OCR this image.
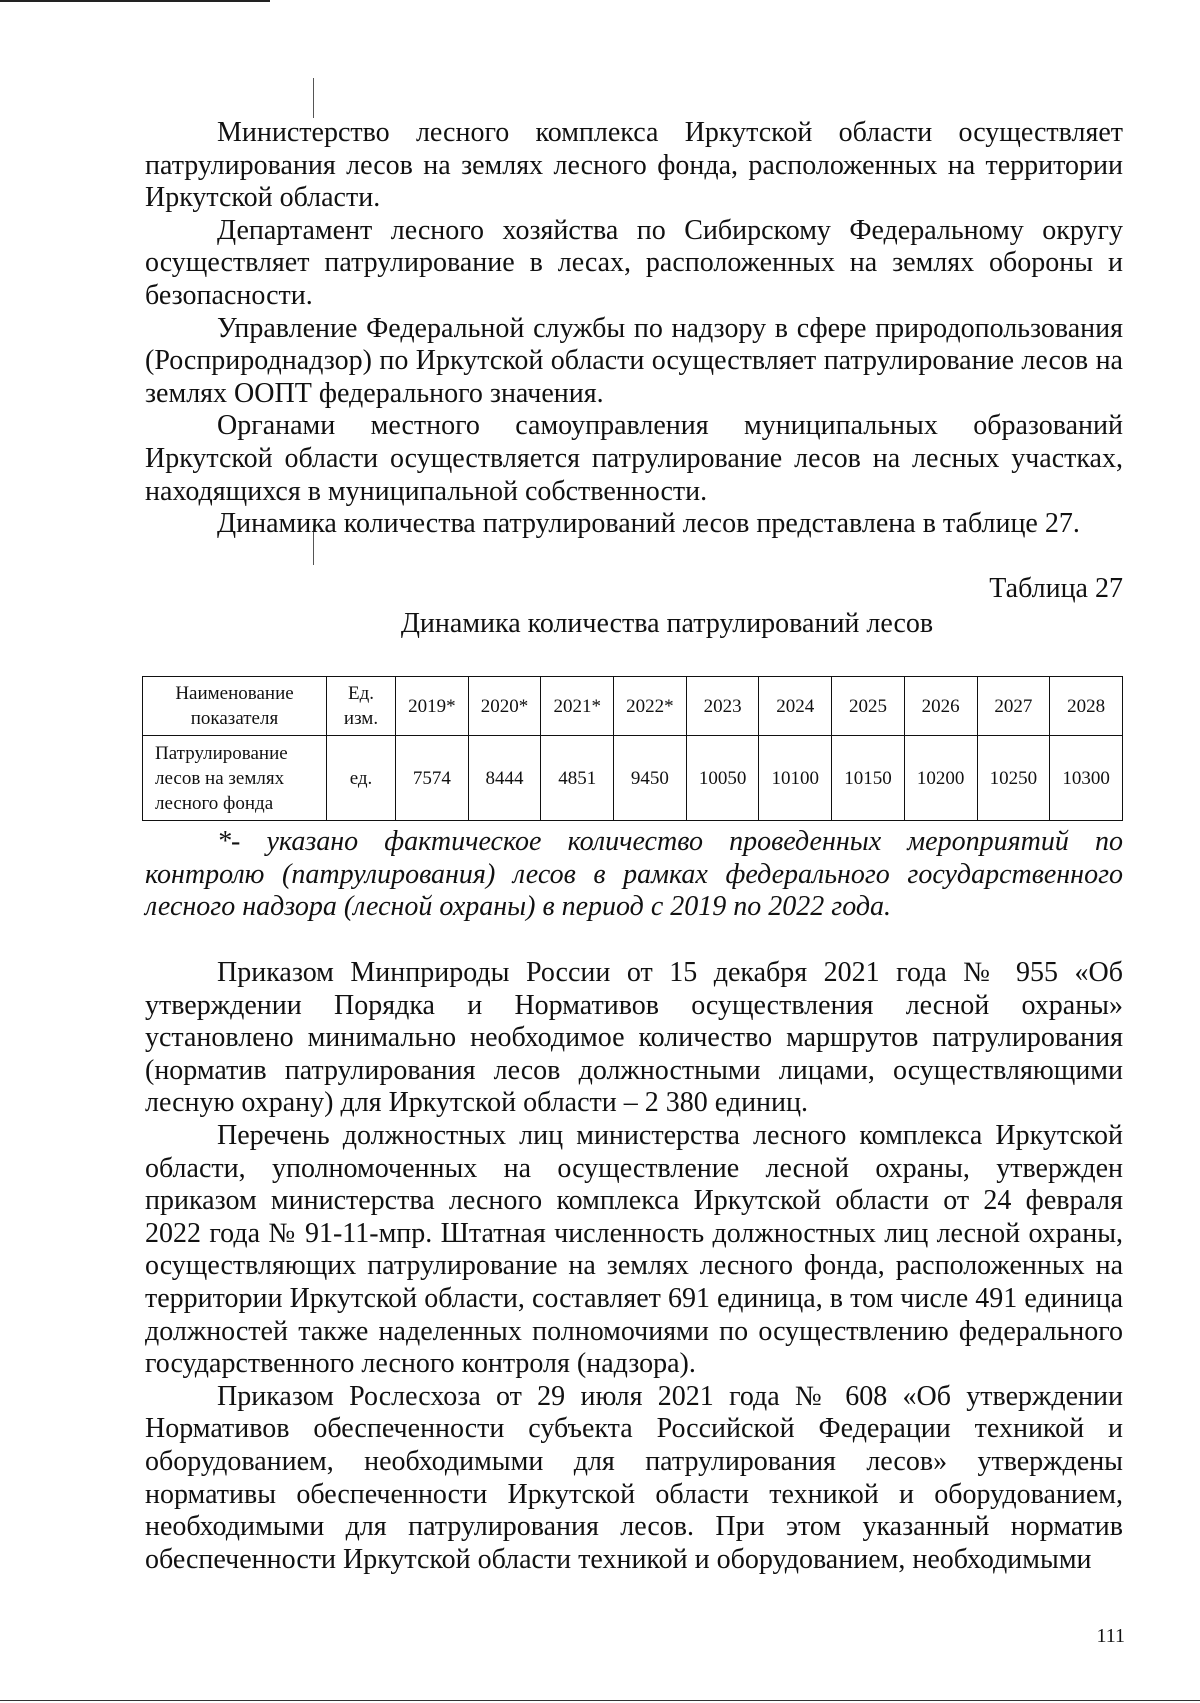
Министерство лесного комплекса Иркутской области осуществляет патрулирования лесов на землях лесного фонда, расположенных на территории Иркутской области.

Департамент лесного хозяйства по Сибирскому Федеральному округу осуществляет патрулирование в лесах, расположенных на землях обороны и безопасности.

Управление Федеральной службы по надзору в сфере природопользования (Росприроднадзор) по Иркутской области осуществляет патрулирование лесов на землях ООПТ федерального значения.

Органами местного самоуправления муниципальных образований Иркутской области осуществляется патрулирование лесов на лесных участках, находящихся в муниципальной собственности.

Динамика количества патрулирований лесов представлена в таблице 27.

Таблица 27
Динамика количества патрулирований лесов
Наименование показателя	Ед. изм.	2019*	2020*	2021*	2022*	2023	2024	2025	2026	2027	2028
Патрулирование лесов на землях лесного фонда	ед.	7574	8444	4851	9450	10050	10100	10150	10200	10250	10300

*- указано фактическое количество проведенных мероприятий по контролю (патрулирования) лесов в рамках федерального государственного лесного надзора (лесной охраны) в период с 2019 по 2022 года.

Приказом Минприроды России от 15 декабря 2021 года № 955 «Об утверждении Порядка и Нормативов осуществления лесной охраны» установлено минимально необходимое количество маршрутов патрулирования (норматив патрулирования лесов должностными лицами, осуществляющими лесную охрану) для Иркутской области – 2 380 единиц.

Перечень должностных лиц министерства лесного комплекса Иркутской области, уполномоченных на осуществление лесной охраны, утвержден приказом министерства лесного комплекса Иркутской области от 24 февраля 2022 года № 91-11-мпр. Штатная численность должностных лиц лесной охраны, осуществляющих патрулирование на землях лесного фонда, расположенных на территории Иркутской области, составляет 691 единица, в том числе 491 единица должностей также наделенных полномочиями по осуществлению федерального государственного лесного контроля (надзора).

Приказом Рослесхоза от 29 июля 2021 года № 608 «Об утверждении Нормативов обеспеченности субъекта Российской Федерации техникой и оборудованием, необходимыми для патрулирования лесов» утверждены нормативы обеспеченности Иркутской области техникой и оборудованием, необходимыми для патрулирования лесов. При этом указанный норматив обеспеченности Иркутской области техникой и оборудованием, необходимыми

111
